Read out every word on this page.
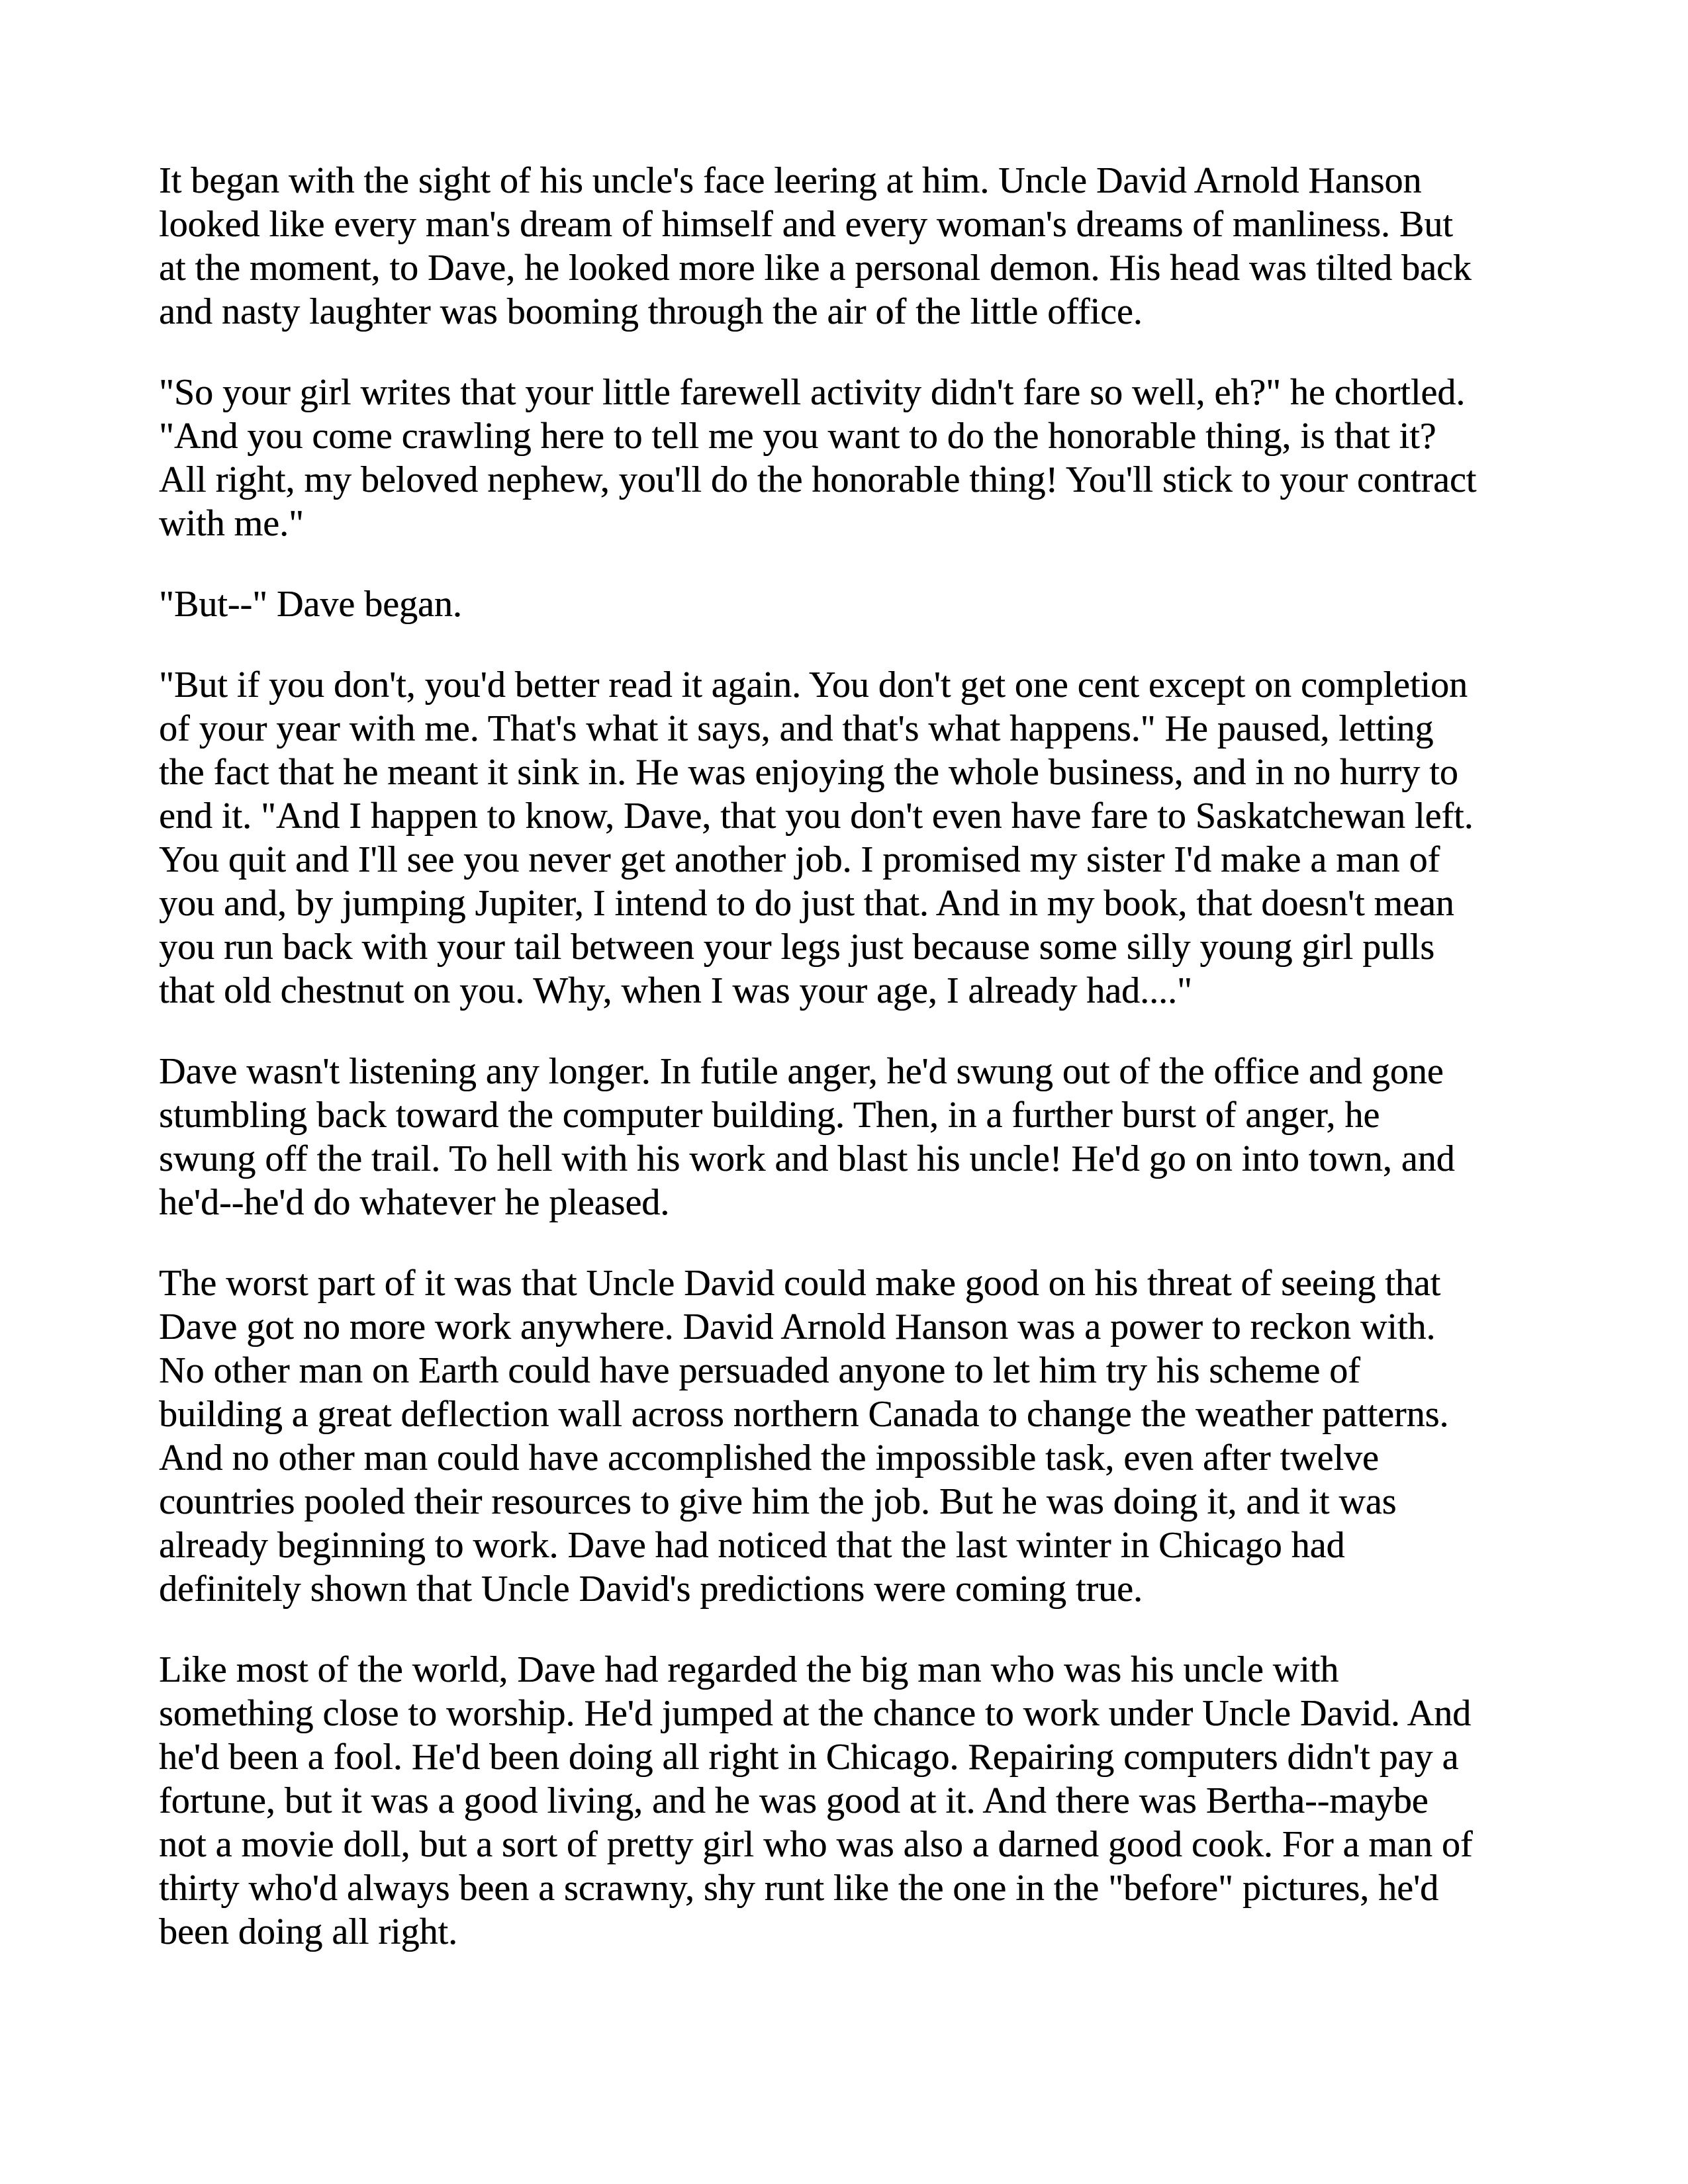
It began with the sight of his uncle's face leering at him. Uncle David Arnold Hanson
looked like every man's dream of himself and every woman's dreams of manliness. But
at the moment, to Dave, he looked more like a personal demon. His head was tilted back
and nasty laughter was booming through the air of the little office.
"So your girl writes that your little farewell activity didn't fare so well, eh?" he chortled.
"And you come crawling here to tell me you want to do the honorable thing, is that it?
All right, my beloved nephew, you'll do the honorable thing! You'll stick to your contract
with me."
"But--" Dave began.
"But if you don't, you'd better read it again. You don't get one cent except on completion
of your year with me. That's what it says, and that's what happens." He paused, letting
the fact that he meant it sink in. He was enjoying the whole business, and in no hurry to
end it. "And I happen to know, Dave, that you don't even have fare to Saskatchewan left.
You quit and I'll see you never get another job. I promised my sister I'd make a man of
you and, by jumping Jupiter, I intend to do just that. And in my book, that doesn't mean
you run back with your tail between your legs just because some silly young girl pulls
that old chestnut on you. Why, when I was your age, I already had...."
Dave wasn't listening any longer. In futile anger, he'd swung out of the office and gone
stumbling back toward the computer building. Then, in a further burst of anger, he
swung off the trail. To hell with his work and blast his uncle! He'd go on into town, and
he'd--he'd do whatever he pleased.
The worst part of it was that Uncle David could make good on his threat of seeing that
Dave got no more work anywhere. David Arnold Hanson was a power to reckon with.
No other man on Earth could have persuaded anyone to let him try his scheme of
building a great deflection wall across northern Canada to change the weather patterns.
And no other man could have accomplished the impossible task, even after twelve
countries pooled their resources to give him the job. But he was doing it, and it was
already beginning to work. Dave had noticed that the last winter in Chicago had
definitely shown that Uncle David's predictions were coming true.
Like most of the world, Dave had regarded the big man who was his uncle with
something close to worship. He'd jumped at the chance to work under Uncle David. And
he'd been a fool. He'd been doing all right in Chicago. Repairing computers didn't pay a
fortune, but it was a good living, and he was good at it. And there was Bertha--maybe
not a movie doll, but a sort of pretty girl who was also a darned good cook. For a man of
thirty who'd always been a scrawny, shy runt like the one in the "before" pictures, he'd
been doing all right.
